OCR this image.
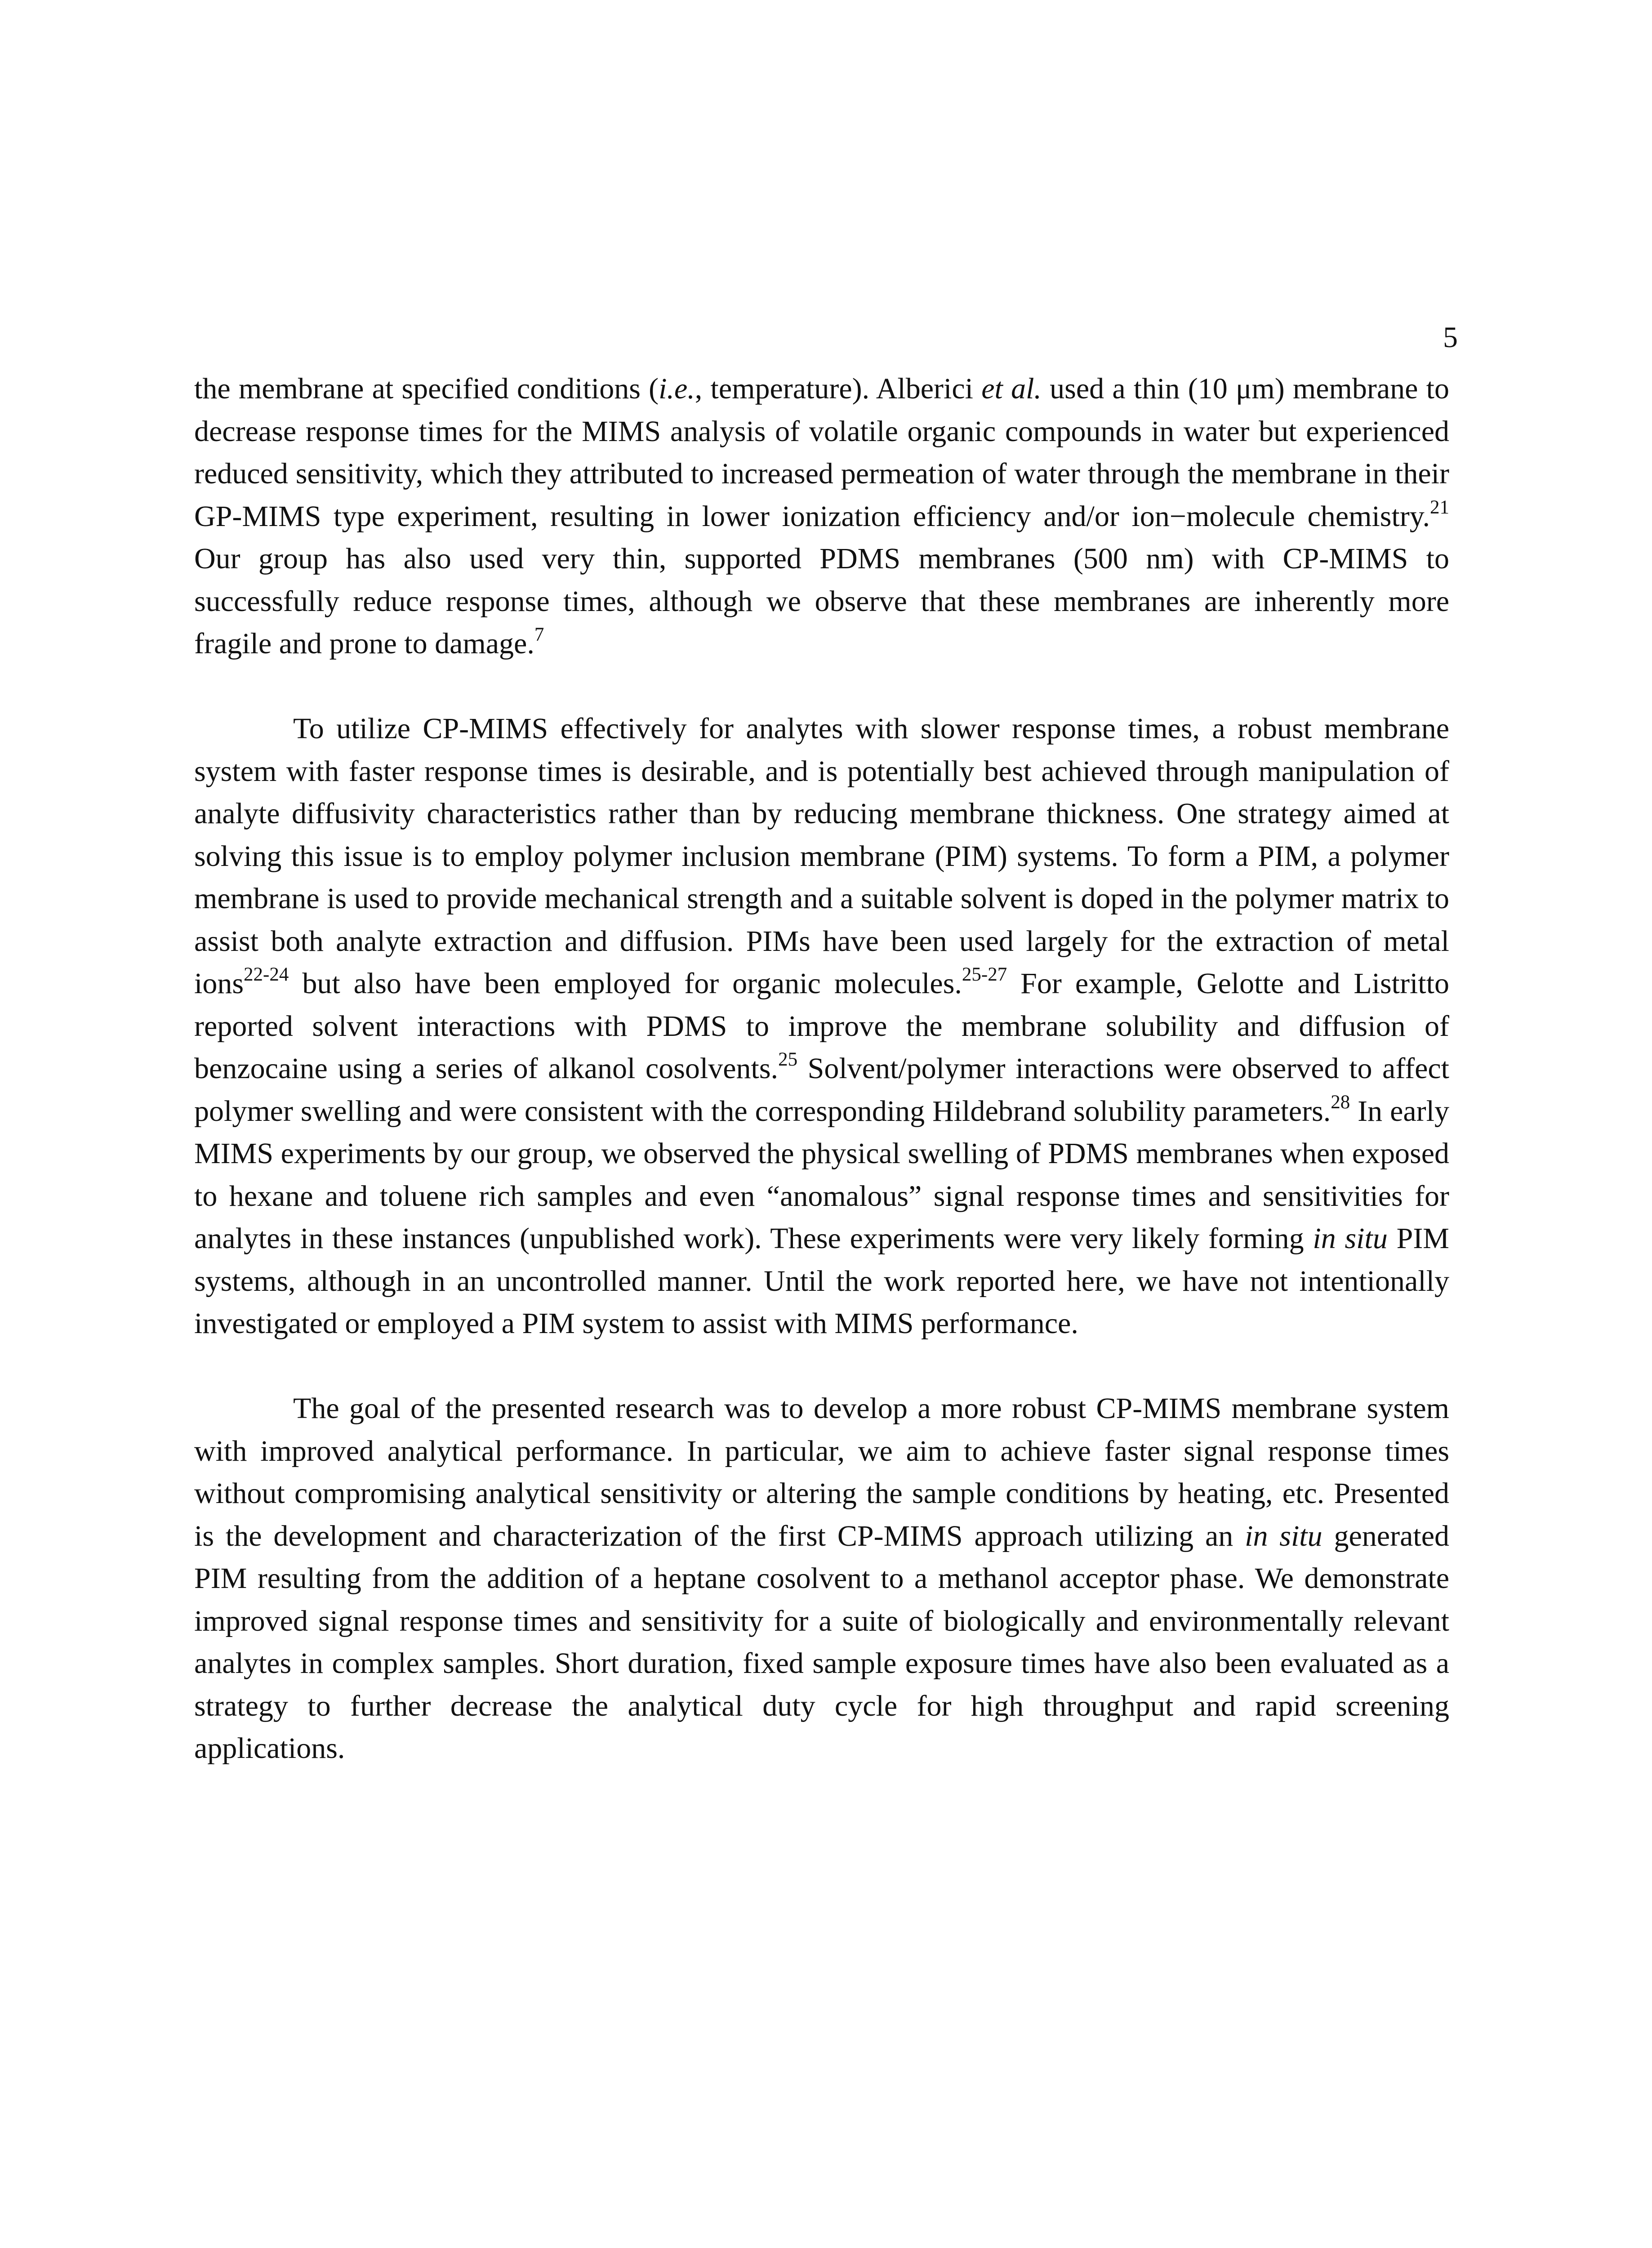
5

the membrane at specified conditions (i.e., temperature). Alberici et al. used a thin (10 μm) membrane to decrease response times for the MIMS analysis of volatile organic compounds in water but experienced reduced sensitivity, which they attributed to increased permeation of water through the membrane in their GP-MIMS type experiment, resulting in lower ionization efficiency and/or ion−molecule chemistry.$^{21}$ Our group has also used very thin, supported PDMS membranes (500 nm) with CP-MIMS to successfully reduce response times, although we observe that these membranes are inherently more fragile and prone to damage.$^7$

To utilize CP-MIMS effectively for analytes with slower response times, a robust membrane system with faster response times is desirable, and is potentially best achieved through manipulation of analyte diffusivity characteristics rather than by reducing membrane thickness. One strategy aimed at solving this issue is to employ polymer inclusion membrane (PIM) systems. To form a PIM, a polymer membrane is used to provide mechanical strength and a suitable solvent is doped in the polymer matrix to assist both analyte extraction and diffusion. PIMs have been used largely for the extraction of metal ions$^{22-24}$ but also have been employed for organic molecules.$^{25-27}$ For example, Gelotte and Listritto reported solvent interactions with PDMS to improve the membrane solubility and diffusion of benzocaine using a series of alkanol cosolvents.$^{25}$ Solvent/polymer interactions were observed to affect polymer swelling and were consistent with the corresponding Hildebrand solubility parameters.$^{28}$ In early MIMS experiments by our group, we observed the physical swelling of PDMS membranes when exposed to hexane and toluene rich samples and even “anomalous” signal response times and sensitivities for analytes in these instances (unpublished work). These experiments were very likely forming in situ PIM systems, although in an uncontrolled manner. Until the work reported here, we have not intentionally investigated or employed a PIM system to assist with MIMS performance.

The goal of the presented research was to develop a more robust CP-MIMS membrane system with improved analytical performance. In particular, we aim to achieve faster signal response times without compromising analytical sensitivity or altering the sample conditions by heating, etc. Presented is the development and characterization of the first CP-MIMS approach utilizing an in situ generated PIM resulting from the addition of a heptane cosolvent to a methanol acceptor phase. We demonstrate improved signal response times and sensitivity for a suite of biologically and environmentally relevant analytes in complex samples. Short duration, fixed sample exposure times have also been evaluated as a strategy to further decrease the analytical duty cycle for high throughput and rapid screening applications.
